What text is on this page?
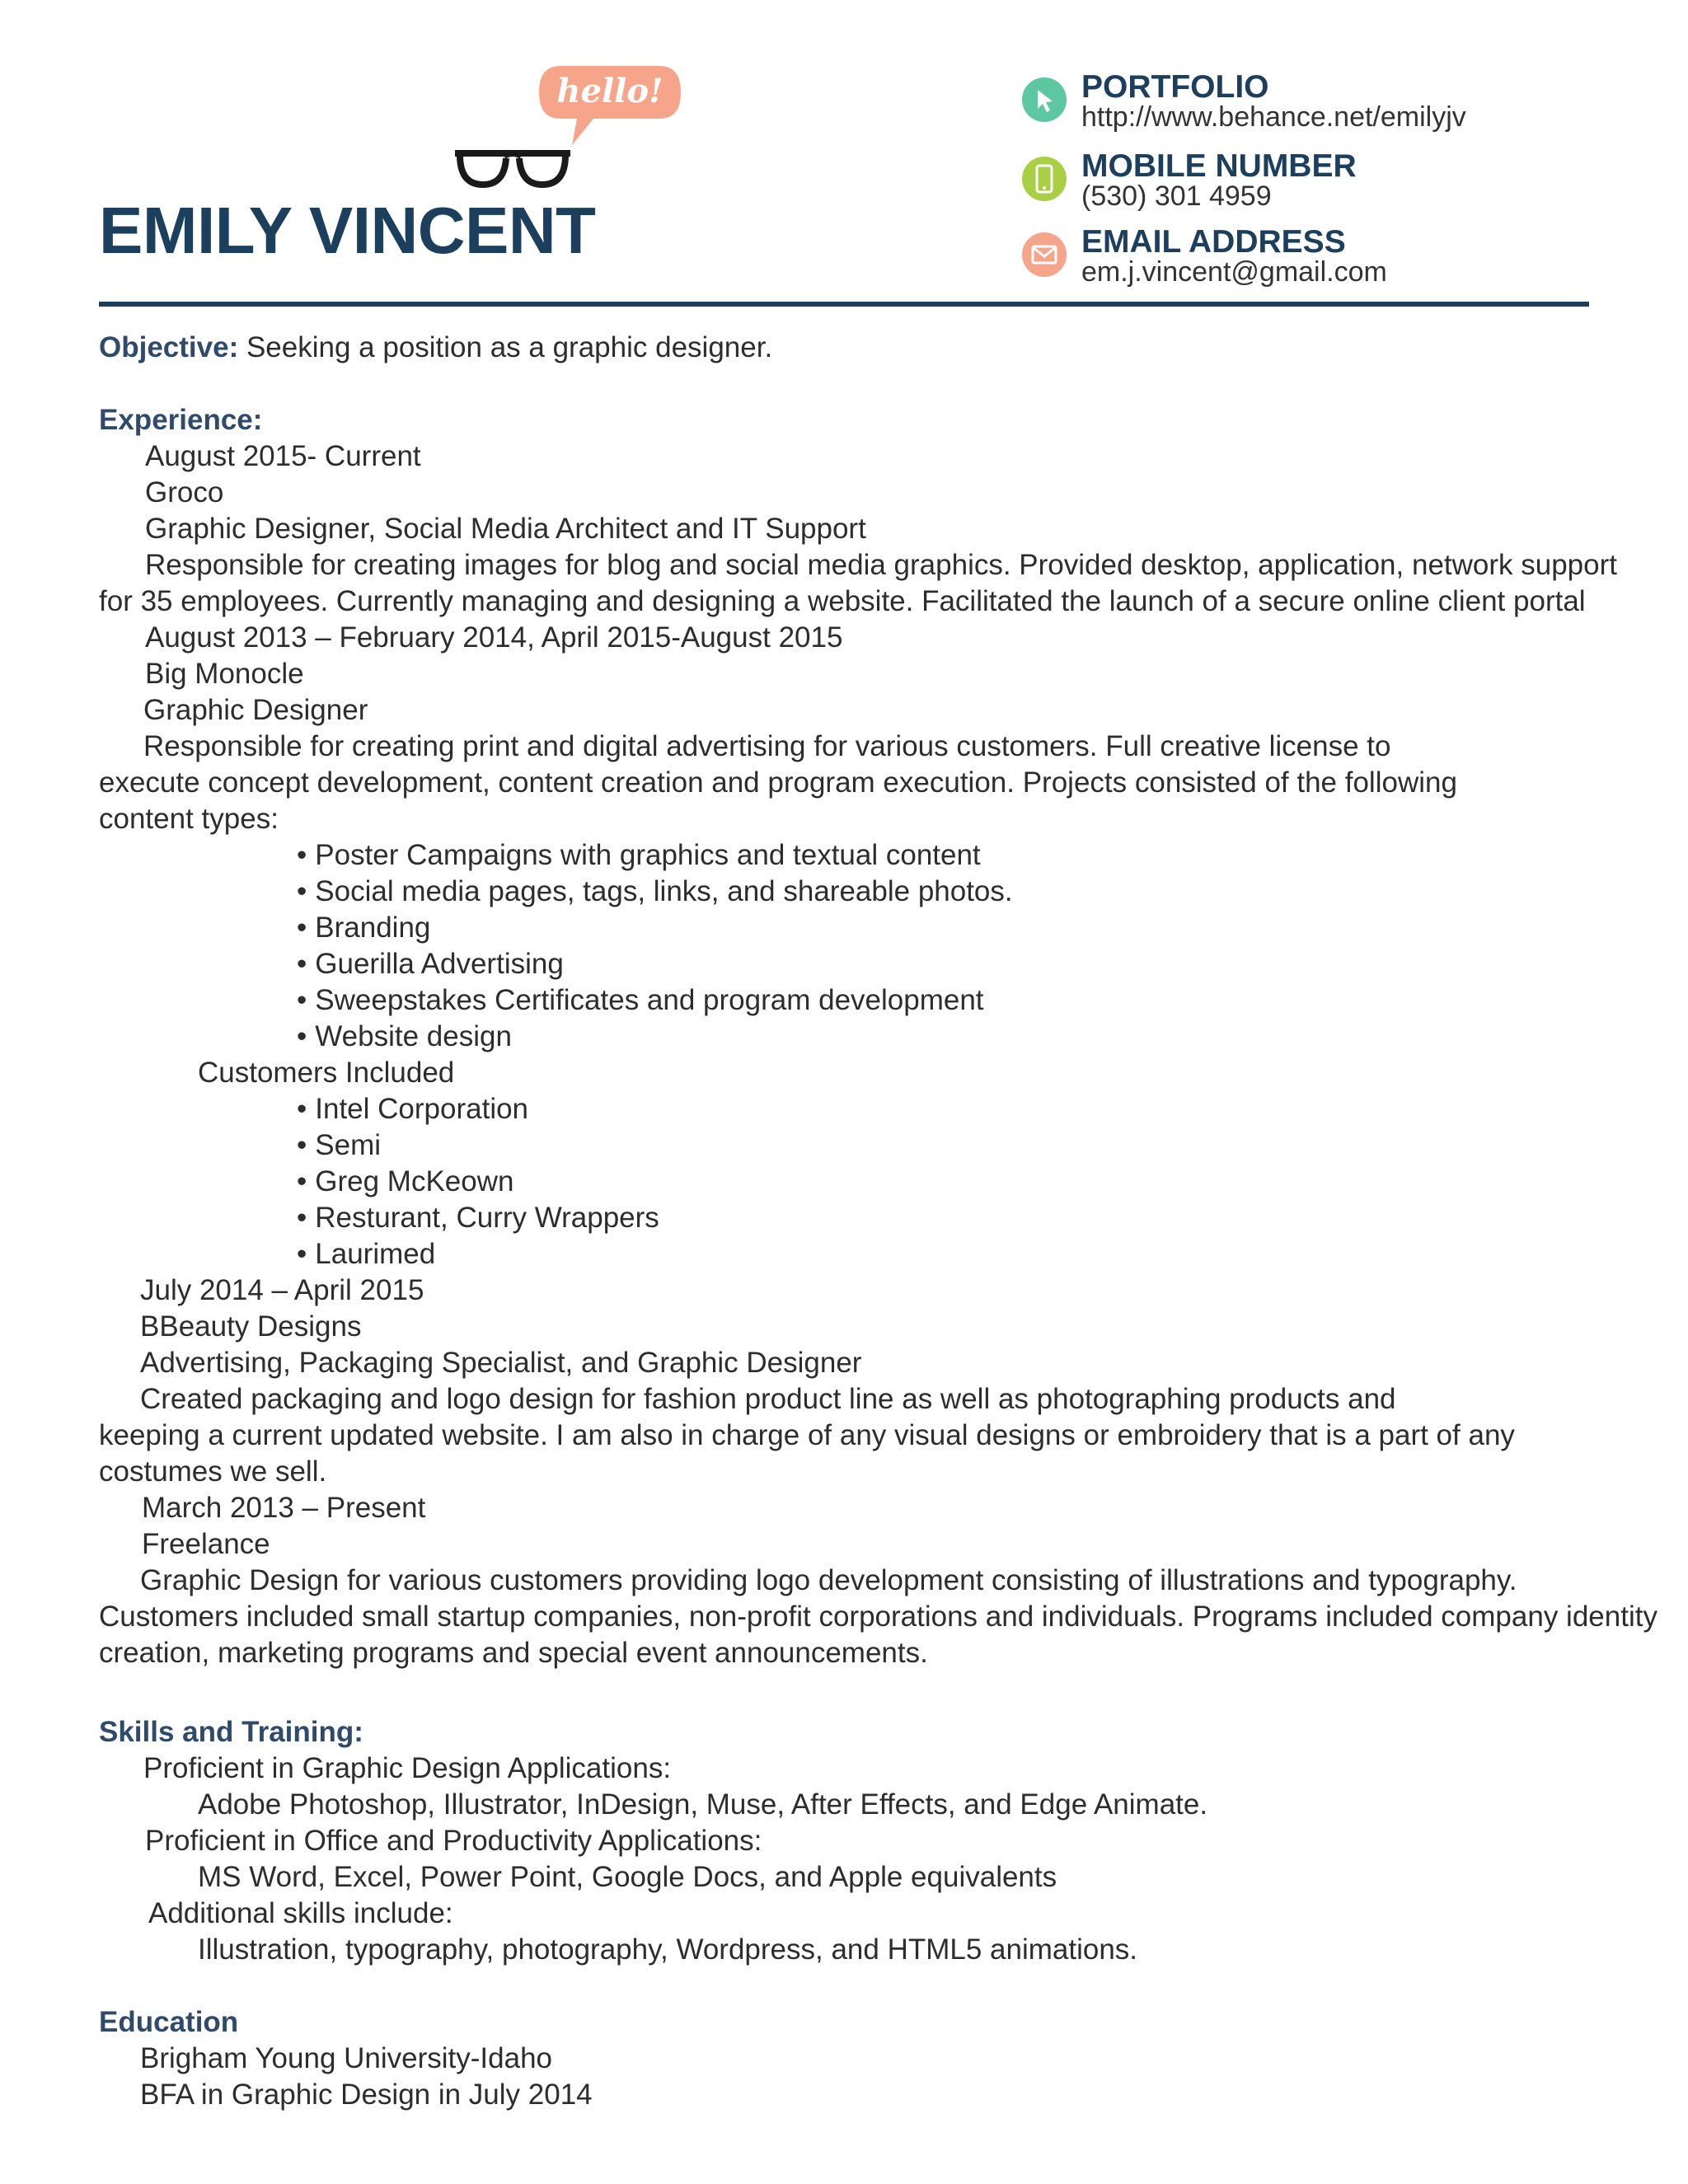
hello!
EMILY VINCENT
PORTFOLIO
http://www.behance.net/emilyjv
MOBILE NUMBER
(530) 301 4959
EMAIL ADDRESS
em.j.vincent@gmail.com
Objective: Seeking a position as a graphic designer.
Experience:
August 2015- Current
Groco
Graphic Designer, Social Media Architect and IT Support
Responsible for creating images for blog and social media graphics. Provided desktop, application, network support
for 35 employees. Currently managing and designing a website. Facilitated the launch of a secure online client portal
August 2013 – February 2014, April 2015-August 2015
Big Monocle
Graphic Designer
Responsible for creating print and digital advertising for various customers. Full creative license to
execute concept development, content creation and program execution. Projects consisted of the following
content types:
• Poster Campaigns with graphics and textual content
• Social media pages, tags, links, and shareable photos.
• Branding
• Guerilla Advertising
• Sweepstakes Certificates and program development
• Website design
Customers Included
• Intel Corporation
• Semi
• Greg McKeown
• Resturant, Curry Wrappers
• Laurimed
July 2014 – April 2015
BBeauty Designs
Advertising, Packaging Specialist, and Graphic Designer
Created packaging and logo design for fashion product line as well as photographing products and
keeping a current updated website. I am also in charge of any visual designs or embroidery that is a part of any
costumes we sell.
March 2013 – Present
Freelance
Graphic Design for various customers providing logo development consisting of illustrations and typography.
Customers included small startup companies, non-profit corporations and individuals. Programs included company identity
creation, marketing programs and special event announcements.
Skills and Training:
Proficient in Graphic Design Applications:
Adobe Photoshop, Illustrator, InDesign, Muse, After Effects, and Edge Animate.
Proficient in Office and Productivity Applications:
MS Word, Excel, Power Point, Google Docs, and Apple equivalents
Additional skills include:
Illustration, typography, photography, Wordpress, and HTML5 animations.
Education
Brigham Young University-Idaho
BFA in Graphic Design in July 2014
